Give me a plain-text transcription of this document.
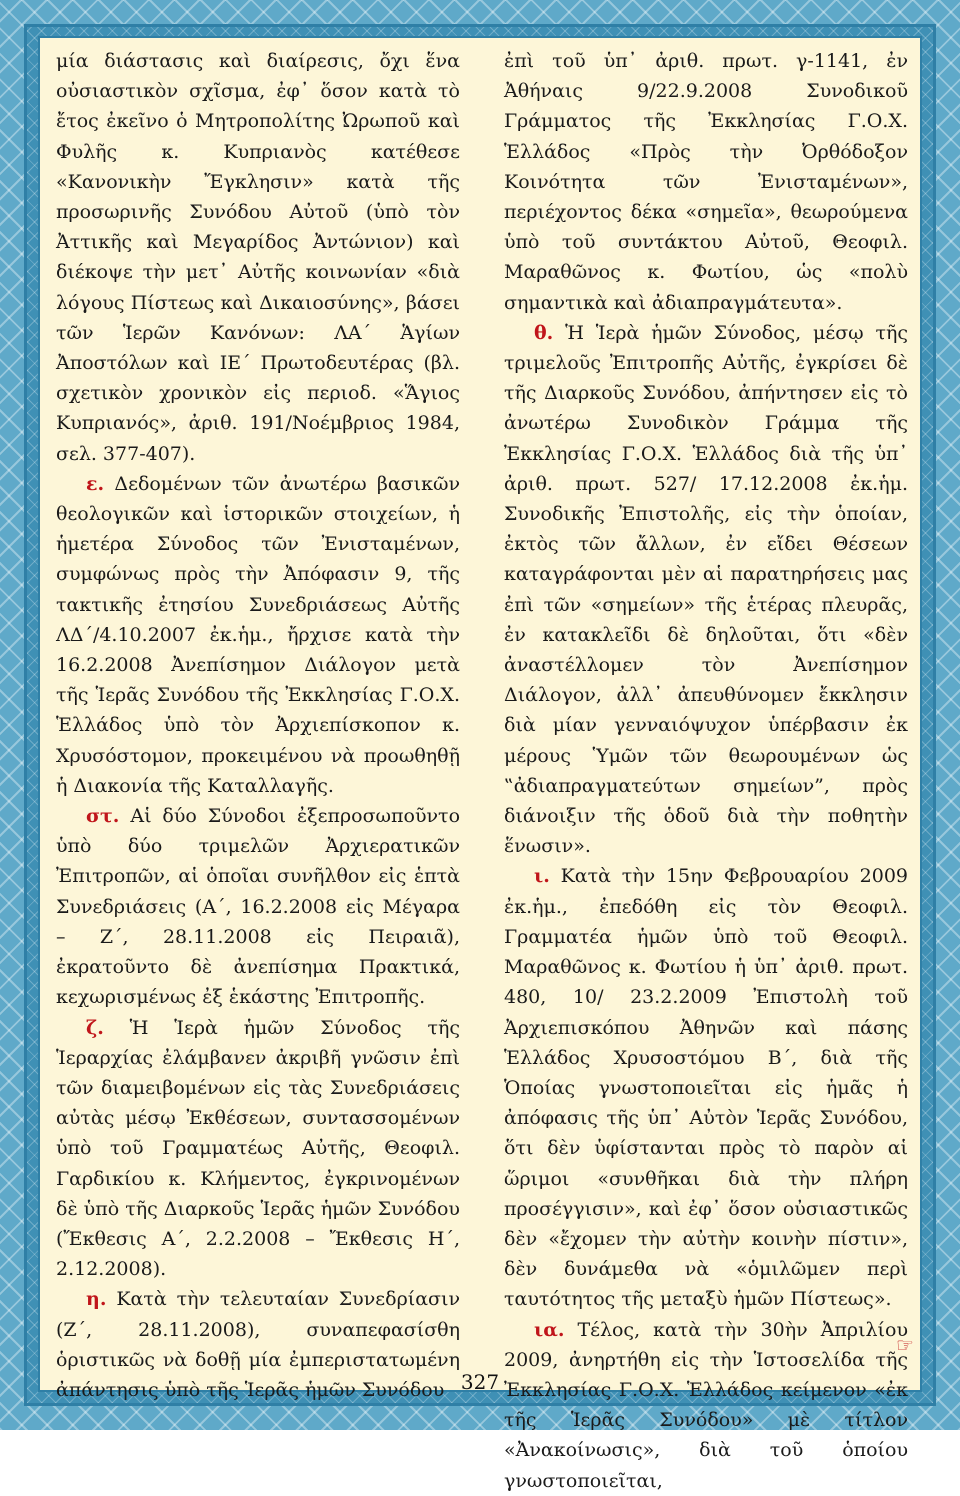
μία διάστασις καὶ διαίρεσις, ὄχι ἕνα οὐσιαστικὸν σχῖσμα, ἐφ᾽ ὅσον κατὰ τὸ ἔτος ἐκεῖνο ὁ Μητροπολίτης Ὠρωποῦ καὶ Φυλῆς κ. Κυπριανὸς κατέθεσε «Κανονικὴν Ἔγκλησιν» κατὰ τῆς προσωρινῆς Συνόδου Αὐτοῦ (ὑπὸ τὸν Ἀττικῆς καὶ Μεγαρίδος Ἀντώνιον) καὶ διέκοψε τὴν μετ᾽ Αὐτῆς κοινωνίαν «διὰ λόγους Πίστεως καὶ Δικαιοσύνης», βάσει τῶν Ἱερῶν Κανόνων: ΛΑ´ Ἁγίων Ἀποστόλων καὶ ΙΕ´ Πρωτοδευτέρας (βλ. σχετικὸν χρονικὸν εἰς περιοδ. «Ἅγιος Κυπριανός», ἀριθ. 191/Νοέμβριος 1984, σελ. 377-407).

ε. Δεδομένων τῶν ἀνωτέρω βασικῶν θεολογικῶν καὶ ἱστορικῶν στοιχείων, ἡ ἡμετέρα Σύνοδος τῶν Ἐνισταμένων, συμφώνως πρὸς τὴν Ἀπόφασιν 9, τῆς τακτικῆς ἐτησίου Συνεδριάσεως Αὐτῆς ΛΔ´/4.10.2007 ἐκ.ἡμ., ἤρχισε κατὰ τὴν 16.2.2008 Ἀνεπίσημον Διάλογον μετὰ τῆς Ἱερᾶς Συνόδου τῆς Ἐκκλησίας Γ.Ο.Χ. Ἑλλάδος ὑπὸ τὸν Ἀρχιεπίσκοπον κ. Χρυσόστομον, προκειμένου νὰ προωθηθῇ ἡ Διακονία τῆς Καταλλαγῆς.

στ. Αἱ δύο Σύνοδοι ἐξεπροσωποῦντο ὑπὸ δύο τριμελῶν Ἀρχιερατικῶν Ἐπιτροπῶν, αἱ ὁποῖαι συνῆλθον εἰς ἑπτὰ Συνεδριάσεις (Α´, 16.2.2008 εἰς Μέγαρα – Ζ´, 28.11.2008 εἰς Πειραιᾶ), ἐκρατοῦντο δὲ ἀνεπίσημα Πρακτικά, κεχωρισμένως ἐξ ἑκάστης Ἐπιτροπῆς.

ζ. Ἡ Ἱερὰ ἡμῶν Σύνοδος τῆς Ἱεραρχίας ἐλάμβανεν ἀκριβῆ γνῶσιν ἐπὶ τῶν διαμειβομένων εἰς τὰς Συνεδριάσεις αὐτὰς μέσῳ Ἐκθέσεων, συντασσομένων ὑπὸ τοῦ Γραμματέως Αὐτῆς, Θεοφιλ. Γαρδικίου κ. Κλήμεντος, ἐγκρινομένων δὲ ὑπὸ τῆς Διαρκοῦς Ἱερᾶς ἡμῶν Συνόδου (Ἔκθεσις Α´, 2.2.2008 – Ἔκθεσις Η´, 2.12.2008).

η. Κατὰ τὴν τελευταίαν Συνεδρίασιν (Ζ´, 28.11.2008), συναπεφασίσθη ὁριστικῶς νὰ δοθῇ μία ἐμπεριστατωμένη ἀπάντησις ὑπὸ τῆς Ἱερᾶς ἡμῶν Συνόδου

ἐπὶ τοῦ ὑπ᾽ ἀριθ. πρωτ. γ-1141, ἐν Ἀθήναις 9/22.9.2008 Συνοδικοῦ Γράμματος τῆς Ἐκκλησίας Γ.Ο.Χ. Ἑλλάδος «Πρὸς τὴν Ὀρθόδοξον Κοινότητα τῶν Ἐνισταμένων», περιέχοντος δέκα «σημεῖα», θεωρούμενα ὑπὸ τοῦ συντάκτου Αὐτοῦ, Θεοφιλ. Μαραθῶνος κ. Φωτίου, ὡς «πολὺ σημαντικὰ καὶ ἀδιαπραγμάτευτα».

θ. Ἡ Ἱερὰ ἡμῶν Σύνοδος, μέσῳ τῆς τριμελοῦς Ἐπιτροπῆς Αὐτῆς, ἐγκρίσει δὲ τῆς Διαρκοῦς Συνόδου, ἀπήντησεν εἰς τὸ ἀνωτέρω Συνοδικὸν Γράμμα τῆς Ἐκκλησίας Γ.Ο.Χ. Ἑλλάδος διὰ τῆς ὑπ᾽ ἀριθ. πρωτ. 527/ 17.12.2008 ἐκ.ἡμ. Συνοδικῆς Ἐπιστολῆς, εἰς τὴν ὁποίαν, ἐκτὸς τῶν ἄλλων, ἐν εἴδει Θέσεων καταγράφονται μὲν αἱ παρατηρήσεις μας ἐπὶ τῶν «σημείων» τῆς ἑτέρας πλευρᾶς, ἐν κατακλεῖδι δὲ δηλοῦται, ὅτι «δὲν ἀναστέλλομεν τὸν Ἀνεπίσημον Διάλογον, ἀλλ᾽ ἀπευθύνομεν ἔκκλησιν διὰ μίαν γενναιόψυχον ὑπέρβασιν ἐκ μέρους Ὑμῶν τῶν θεωρουμένων ὡς ‟ἀδιαπραγματεύτων σημείων”, πρὸς διάνοιξιν τῆς ὁδοῦ διὰ τὴν ποθητὴν ἕνωσιν».

ι. Κατὰ τὴν 15ην Φεβρουαρίου 2009 ἐκ.ἡμ., ἐπεδόθη εἰς τὸν Θεοφιλ. Γραμματέα ἡμῶν ὑπὸ τοῦ Θεοφιλ. Μαραθῶνος κ. Φωτίου ἡ ὑπ᾽ ἀριθ. πρωτ. 480, 10/ 23.2.2009 Ἐπιστολὴ τοῦ Ἀρχιεπισκόπου Ἀθηνῶν καὶ πάσης Ἑλλάδος Χρυσοστόμου Β´, διὰ τῆς Ὁποίας γνωστοποιεῖται εἰς ἡμᾶς ἡ ἀπόφασις τῆς ὑπ᾽ Αὐτὸν Ἱερᾶς Συνόδου, ὅτι δὲν ὑφίστανται πρὸς τὸ παρὸν αἱ ὥριμοι «συνθῆκαι διὰ τὴν πλήρη προσέγγισιν», καὶ ἐφ᾽ ὅσον οὐσιαστικῶς δὲν «ἔχομεν τὴν αὐτὴν κοινὴν πίστιν», δὲν δυνάμεθα νὰ «ὁμιλῶμεν περὶ ταυτότητος τῆς μεταξὺ ἡμῶν Πίστεως».

ια. Τέλος, κατὰ τὴν 30ὴν Ἀπριλίου 2009, ἀνηρτήθη εἰς τὴν Ἱστοσελίδα τῆς Ἐκκλησίας Γ.Ο.Χ. Ἑλλάδος κείμενον «ἐκ τῆς Ἱερᾶς Συνόδου» μὲ τίτλον «Ἀνακοίνωσις», διὰ τοῦ ὁποίου γνωστοποιεῖται,

☞
327
